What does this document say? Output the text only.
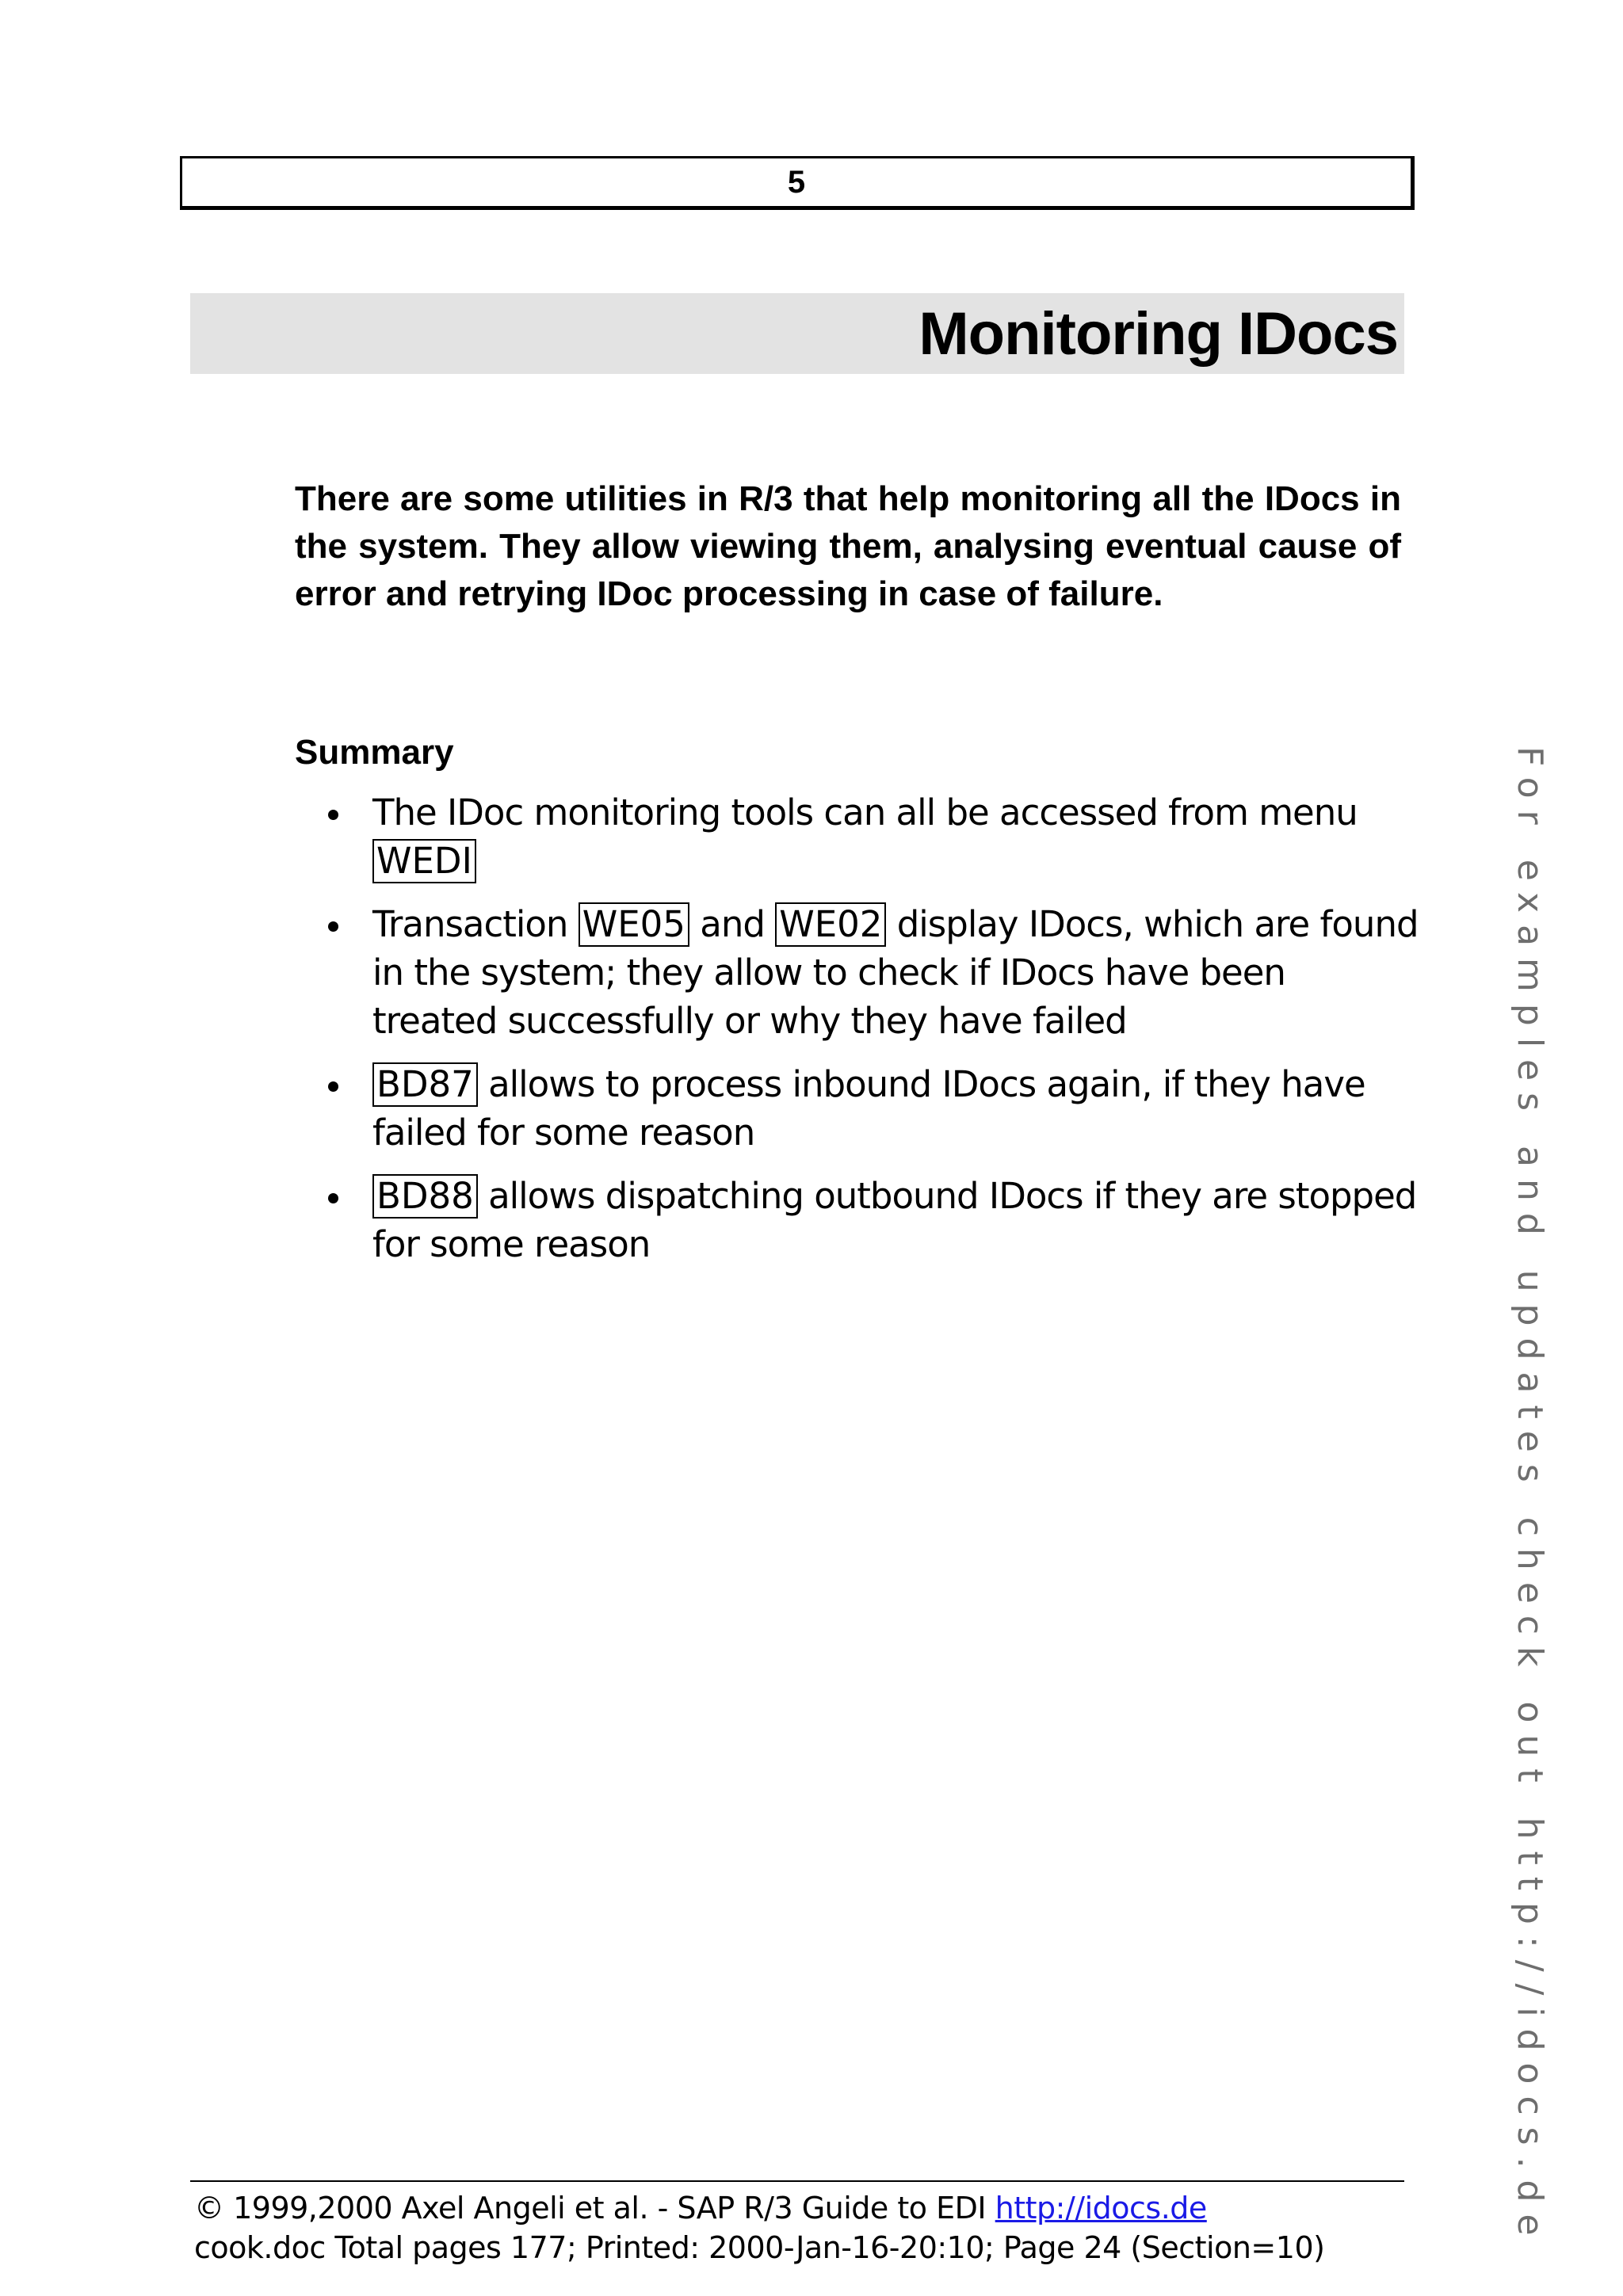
5
Monitoring IDocs

There are some utilities in R/3 that help monitoring all the IDocs in the system. They allow viewing them, analysing eventual cause of error and retrying IDoc processing in case of failure.

Summary
The IDoc monitoring tools can all be accessed from menu WEDI
Transaction WE05 and WE02 display IDocs, which are found in the system; they allow to check if IDocs have been treated successfully or why they have failed
BD87 allows to process inbound IDocs again, if they have failed for some reason
BD88 allows dispatching outbound IDocs if they are stopped for some reason	For examples and updates check out http://idocs.de
© 1999,2000 Axel Angeli et al. - SAP R/3 Guide to EDI http://idocs.de
cook.doc Total pages 177; Printed: 2000-Jan-16-20:10; Page 24 (Section=10)
